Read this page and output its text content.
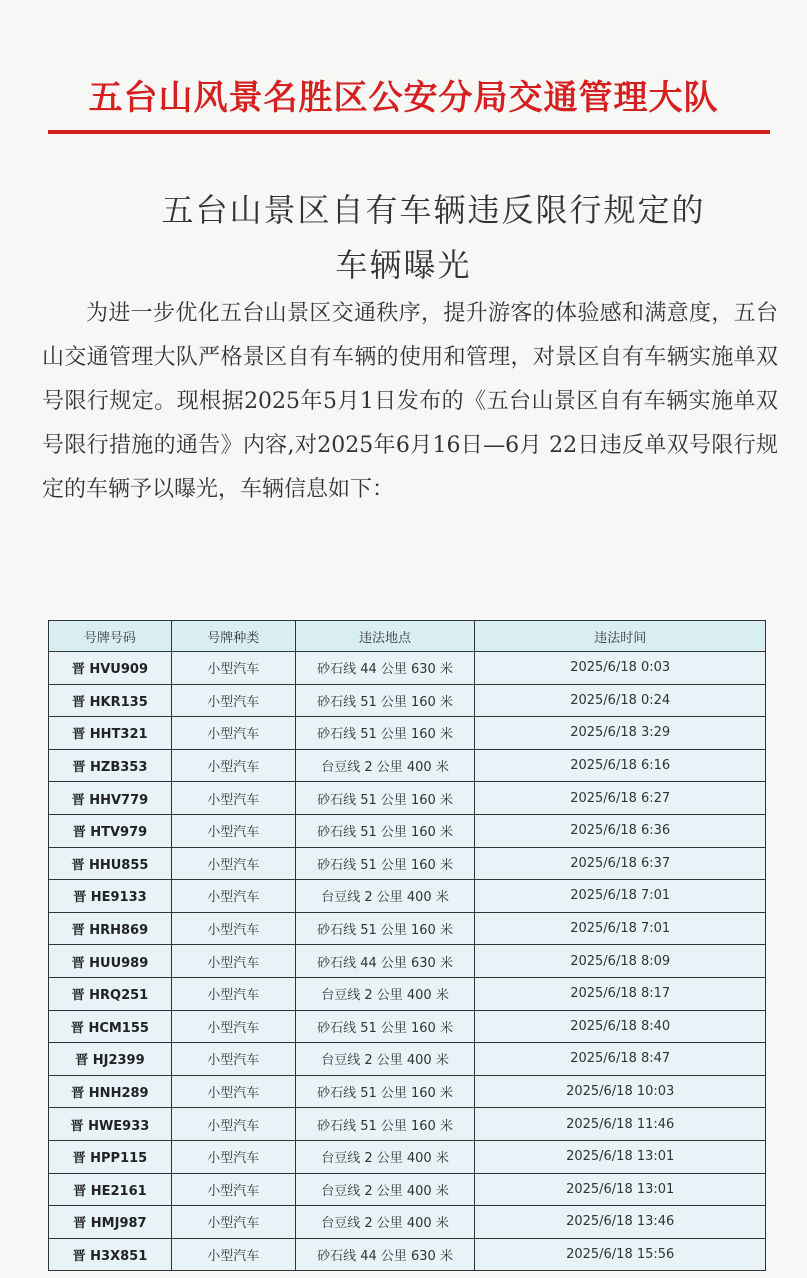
五台山风景名胜区公安分局交通管理大队
五台山景区自有车辆违反限行规定的
车辆曝光
为进一步优化五台山景区交通秩序，提升游客的体验感和满意度，五台山交通管理大队严格景区自有车辆的使用和管理，对景区自有车辆实施单双号限行规定。现根据2025年5月1日发布的《五台山景区自有车辆实施单双号限行措施的通告》内容,对2025年6月16日—6月 22日违反单双号限行规定的车辆予以曝光，车辆信息如下：
号牌号码	号牌种类	违法地点	违法时间
晋 HVU909	小型汽车	砂石线 44 公里 630 米	2025/6/18 0:03
晋 HKR135	小型汽车	砂石线 51 公里 160 米	2025/6/18 0:24
晋 HHT321	小型汽车	砂石线 51 公里 160 米	2025/6/18 3:29
晋 HZB353	小型汽车	台豆线 2 公里 400 米	2025/6/18 6:16
晋 HHV779	小型汽车	砂石线 51 公里 160 米	2025/6/18 6:27
晋 HTV979	小型汽车	砂石线 51 公里 160 米	2025/6/18 6:36
晋 HHU855	小型汽车	砂石线 51 公里 160 米	2025/6/18 6:37
晋 HE9133	小型汽车	台豆线 2 公里 400 米	2025/6/18 7:01
晋 HRH869	小型汽车	砂石线 51 公里 160 米	2025/6/18 7:01
晋 HUU989	小型汽车	砂石线 44 公里 630 米	2025/6/18 8:09
晋 HRQ251	小型汽车	台豆线 2 公里 400 米	2025/6/18 8:17
晋 HCM155	小型汽车	砂石线 51 公里 160 米	2025/6/18 8:40
晋 HJ2399	小型汽车	台豆线 2 公里 400 米	2025/6/18 8:47
晋 HNH289	小型汽车	砂石线 51 公里 160 米	2025/6/18 10:03
晋 HWE933	小型汽车	砂石线 51 公里 160 米	2025/6/18 11:46
晋 HPP115	小型汽车	台豆线 2 公里 400 米	2025/6/18 13:01
晋 HE2161	小型汽车	台豆线 2 公里 400 米	2025/6/18 13:01
晋 HMJ987	小型汽车	台豆线 2 公里 400 米	2025/6/18 13:46
晋 H3X851	小型汽车	砂石线 44 公里 630 米	2025/6/18 15:56
